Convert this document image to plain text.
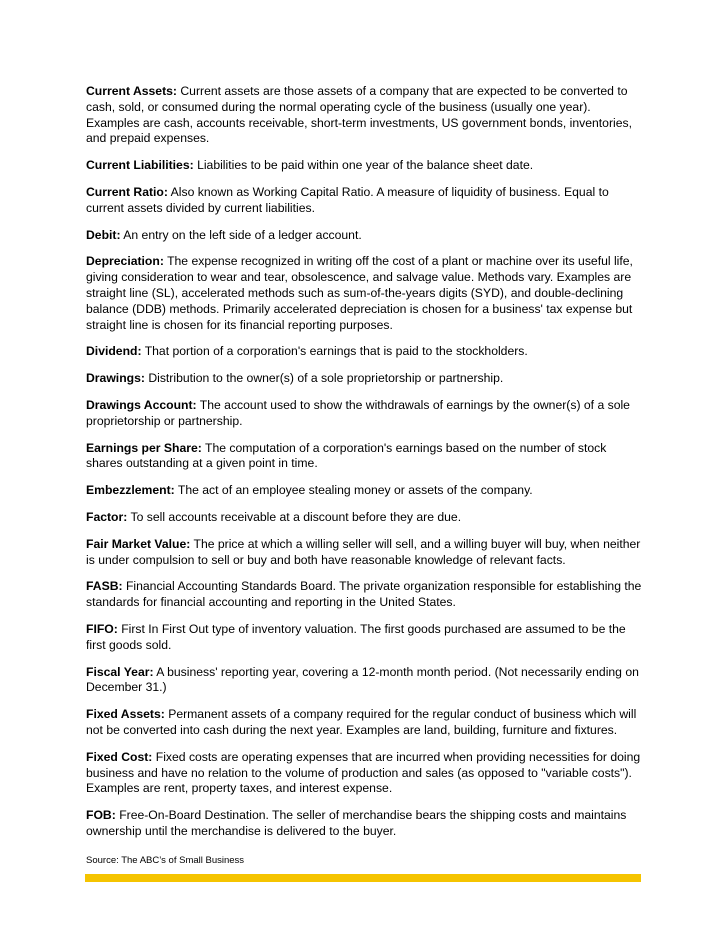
Current Assets: Current assets are those assets of a company that are expected to be converted to cash, sold, or consumed during the normal operating cycle of the business (usually one year). Examples are cash, accounts receivable, short-term investments, US government bonds, inventories, and prepaid expenses.

Current Liabilities: Liabilities to be paid within one year of the balance sheet date.

Current Ratio: Also known as Working Capital Ratio. A measure of liquidity of business. Equal to current assets divided by current liabilities.

Debit: An entry on the left side of a ledger account.

Depreciation: The expense recognized in writing off the cost of a plant or machine over its useful life, giving consideration to wear and tear, obsolescence, and salvage value. Methods vary. Examples are straight line (SL), accelerated methods such as sum-of-the-years digits (SYD), and double-declining balance (DDB) methods. Primarily accelerated depreciation is chosen for a business' tax expense but straight line is chosen for its financial reporting purposes.

Dividend: That portion of a corporation's earnings that is paid to the stockholders.

Drawings: Distribution to the owner(s) of a sole proprietorship or partnership.

Drawings Account: The account used to show the withdrawals of earnings by the owner(s) of a sole proprietorship or partnership.

Earnings per Share: The computation of a corporation's earnings based on the number of stock shares outstanding at a given point in time.

Embezzlement: The act of an employee stealing money or assets of the company.

Factor: To sell accounts receivable at a discount before they are due.

Fair Market Value: The price at which a willing seller will sell, and a willing buyer will buy, when neither is under compulsion to sell or buy and both have reasonable knowledge of relevant facts.

FASB: Financial Accounting Standards Board. The private organization responsible for establishing the standards for financial accounting and reporting in the United States.

FIFO: First In First Out type of inventory valuation. The first goods purchased are assumed to be the first goods sold.

Fiscal Year: A business' reporting year, covering a 12-month month period. (Not necessarily ending on December 31.)

Fixed Assets: Permanent assets of a company required for the regular conduct of business which will not be converted into cash during the next year. Examples are land, building, furniture and fixtures.

Fixed Cost: Fixed costs are operating expenses that are incurred when providing necessities for doing business and have no relation to the volume of production and sales (as opposed to "variable costs"). Examples are rent, property taxes, and interest expense.

FOB: Free-On-Board Destination. The seller of merchandise bears the shipping costs and maintains ownership until the merchandise is delivered to the buyer.

Source: The ABC’s of Small Business
